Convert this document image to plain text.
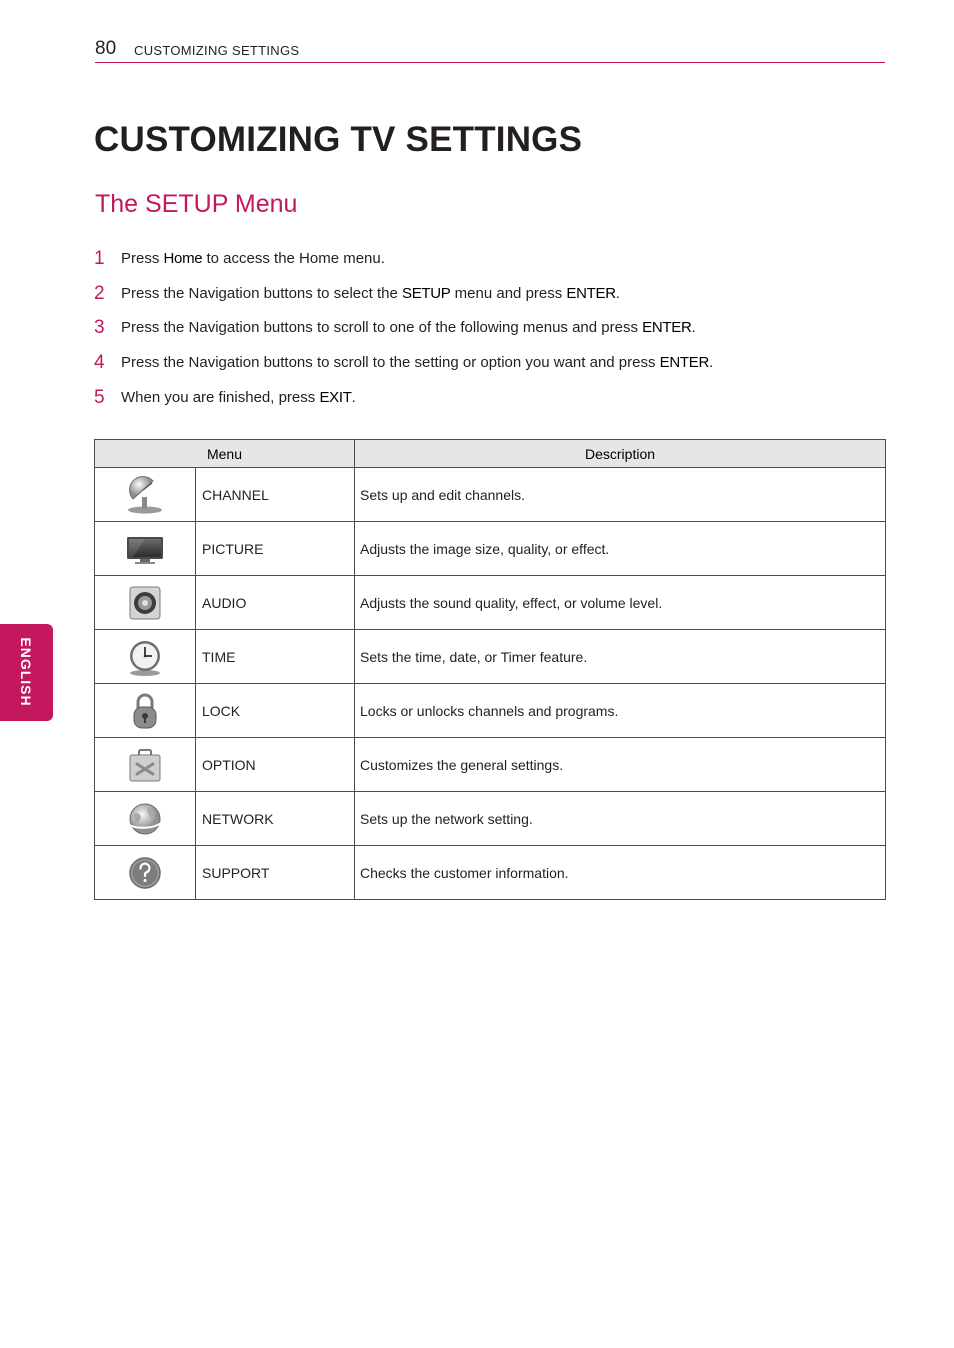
80 CUSTOMIZING SETTINGS
ENGLISH
CUSTOMIZING TV SETTINGS
The SETUP Menu
1 Press Home to access the Home menu.
2 Press the Navigation buttons to select the SETUP menu and press ENTER.
3 Press the Navigation buttons to scroll to one of the following menus and press ENTER.
4 Press the Navigation buttons to scroll to the setting or option you want and press ENTER.
5 When you are finished, press EXIT.
Menu		Description
	CHANNEL	Sets up and edit channels.
	PICTURE	Adjusts the image size, quality, or effect.
	AUDIO	Adjusts the sound quality, effect, or volume level.
	TIME	Sets the time, date, or Timer feature.
	LOCK	Locks or unlocks channels and programs.
	OPTION	Customizes the general settings.
	NETWORK	Sets up the network setting.
	SUPPORT	Checks the customer information.
